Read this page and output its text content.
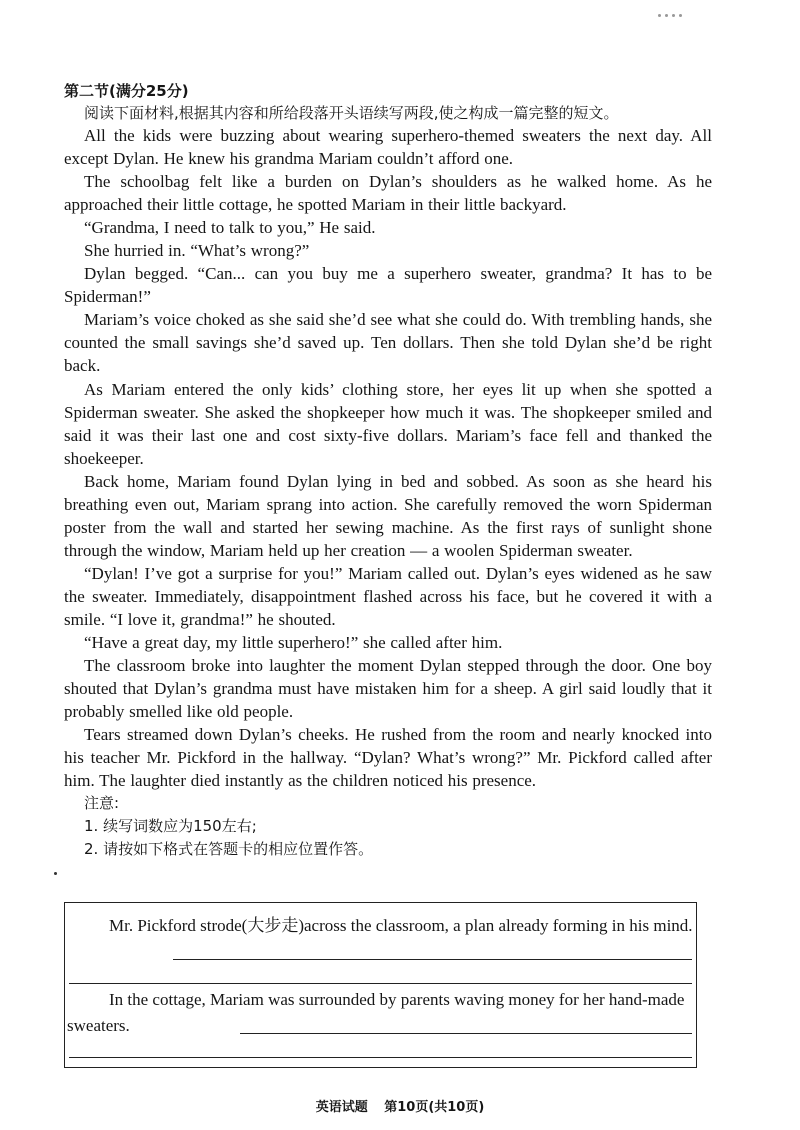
第二节(满分25分)
阅读下面材料,根据其内容和所给段落开头语续写两段,使之构成一篇完整的短文。

All the kids were buzzing about wearing superhero-themed sweaters the next day. All except Dylan. He knew his grandma Mariam couldn’t afford one.

The schoolbag felt like a burden on Dylan’s shoulders as he walked home. As he approached their little cottage, he spotted Mariam in their little backyard.

“Grandma, I need to talk to you,” He said.

She hurried in. “What’s wrong?”

Dylan begged. “Can... can you buy me a superhero sweater, grandma? It has to be Spiderman!”

Mariam’s voice choked as she said she’d see what she could do. With trembling hands, she counted the small savings she’d saved up. Ten dollars. Then she told Dylan she’d be right back.

As Mariam entered the only kids’ clothing store, her eyes lit up when she spotted a Spiderman sweater. She asked the shopkeeper how much it was. The shopkeeper smiled and said it was their last one and cost sixty-five dollars. Mariam’s face fell and thanked the shoekeeper.

Back home, Mariam found Dylan lying in bed and sobbed. As soon as she heard his breathing even out, Mariam sprang into action. She carefully removed the worn Spiderman poster from the wall and started her sewing machine. As the first rays of sunlight shone through the window, Mariam held up her creation — a woolen Spiderman sweater.

“Dylan! I’ve got a surprise for you!” Mariam called out. Dylan’s eyes widened as he saw the sweater. Immediately, disappointment flashed across his face, but he covered it with a smile. “I love it, grandma!” he shouted.

“Have a great day, my little superhero!” she called after him.

The classroom broke into laughter the moment Dylan stepped through the door. One boy shouted that Dylan’s grandma must have mistaken him for a sheep. A girl said loudly that it probably smelled like old people.

Tears streamed down Dylan’s cheeks. He rushed from the room and nearly knocked into his teacher Mr. Pickford in the hallway. “Dylan? What’s wrong?” Mr. Pickford called after him. The laughter died instantly as the children noticed his presence.

注意:
1. 续写词数应为150左右;
2. 请按如下格式在答题卡的相应位置作答。
Mr. Pickford strode(大步走)across the classroom, a plan already forming in his mind.
In the cottage, Mariam was surrounded by parents waving money for her hand-made sweaters.
英语试题 第10页(共10页)
